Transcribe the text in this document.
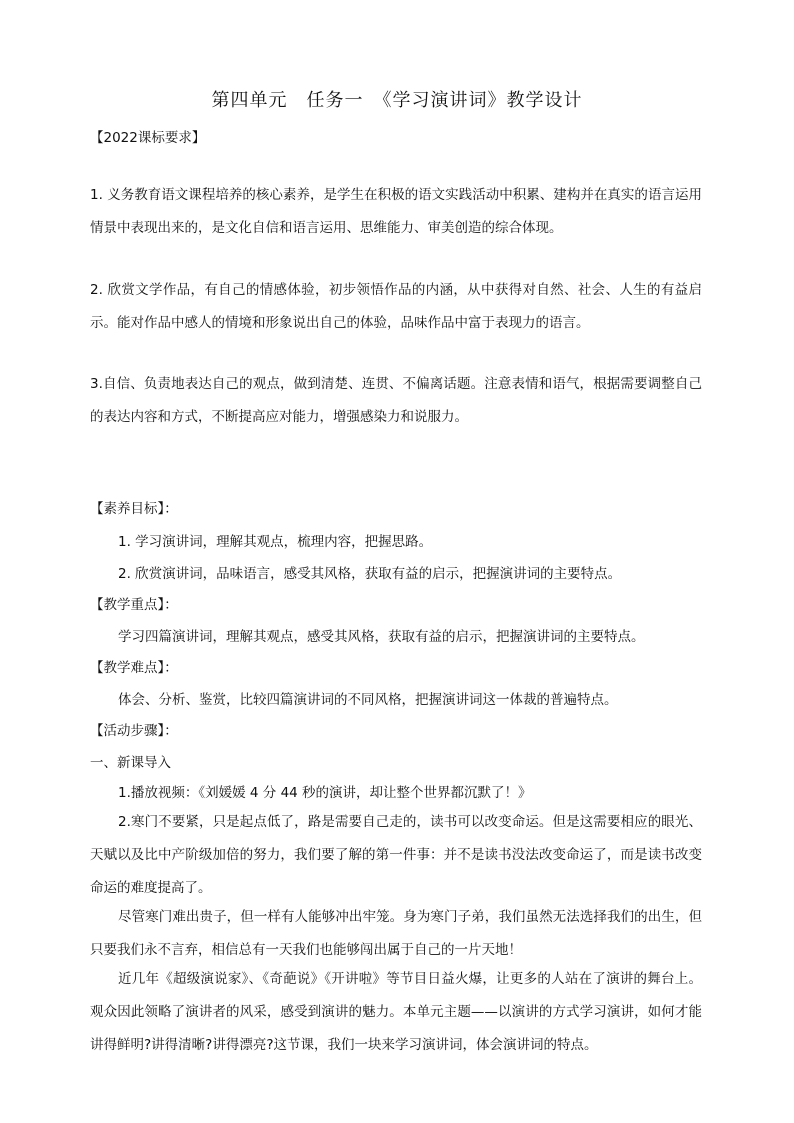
第四单元　任务一　《学习演讲词》教学设计
【2022课标要求】

1. 义务教育语文课程培养的核心素养，是学生在积极的语文实践活动中积累、建构并在真实的语言运用情景中表现出来的，是文化自信和语言运用、思维能力、审美创造的综合体现。

2. 欣赏文学作品，有自己的情感体验，初步领悟作品的内涵，从中获得对自然、社会、人生的有益启示。能对作品中感人的情境和形象说出自己的体验，品味作品中富于表现力的语言。

3.自信、负责地表达自己的观点，做到清楚、连贯、不偏离话题。注意表情和语气，根据需要调整自己的表达内容和方式，不断提高应对能力，增强感染力和说服力。

【素养目标】：
1. 学习演讲词，理解其观点，梳理内容，把握思路。
2. 欣赏演讲词，品味语言，感受其风格，获取有益的启示，把握演讲词的主要特点。
【教学重点】：
学习四篇演讲词，理解其观点，感受其风格，获取有益的启示，把握演讲词的主要特点。
【教学难点】：
体会、分析、鉴赏，比较四篇演讲词的不同风格，把握演讲词这一体裁的普遍特点。
【活动步骤】：
一、新课导入
1.播放视频：《刘媛媛 4 分 44 秒的演讲，却让整个世界都沉默了！》

2.寒门不要紧，只是起点低了，路是需要自己走的，读书可以改变命运。但是这需要相应的眼光、天赋以及比中产阶级加倍的努力，我们要了解的第一件事：并不是读书没法改变命运了，而是读书改变命运的难度提高了。

尽管寒门难出贵子，但一样有人能够冲出牢笼。身为寒门子弟，我们虽然无法选择我们的出生，但只要我们永不言弃，相信总有一天我们也能够闯出属于自己的一片天地！

近几年《超级演说家》、《奇葩说》《开讲啦》等节目日益火爆，让更多的人站在了演讲的舞台上。观众因此领略了演讲者的风采，感受到演讲的魅力。本单元主题——以演讲的方式学习演讲，如何才能讲得鲜明?讲得清晰?讲得漂亮?这节课，我们一块来学习演讲词，体会演讲词的特点。
